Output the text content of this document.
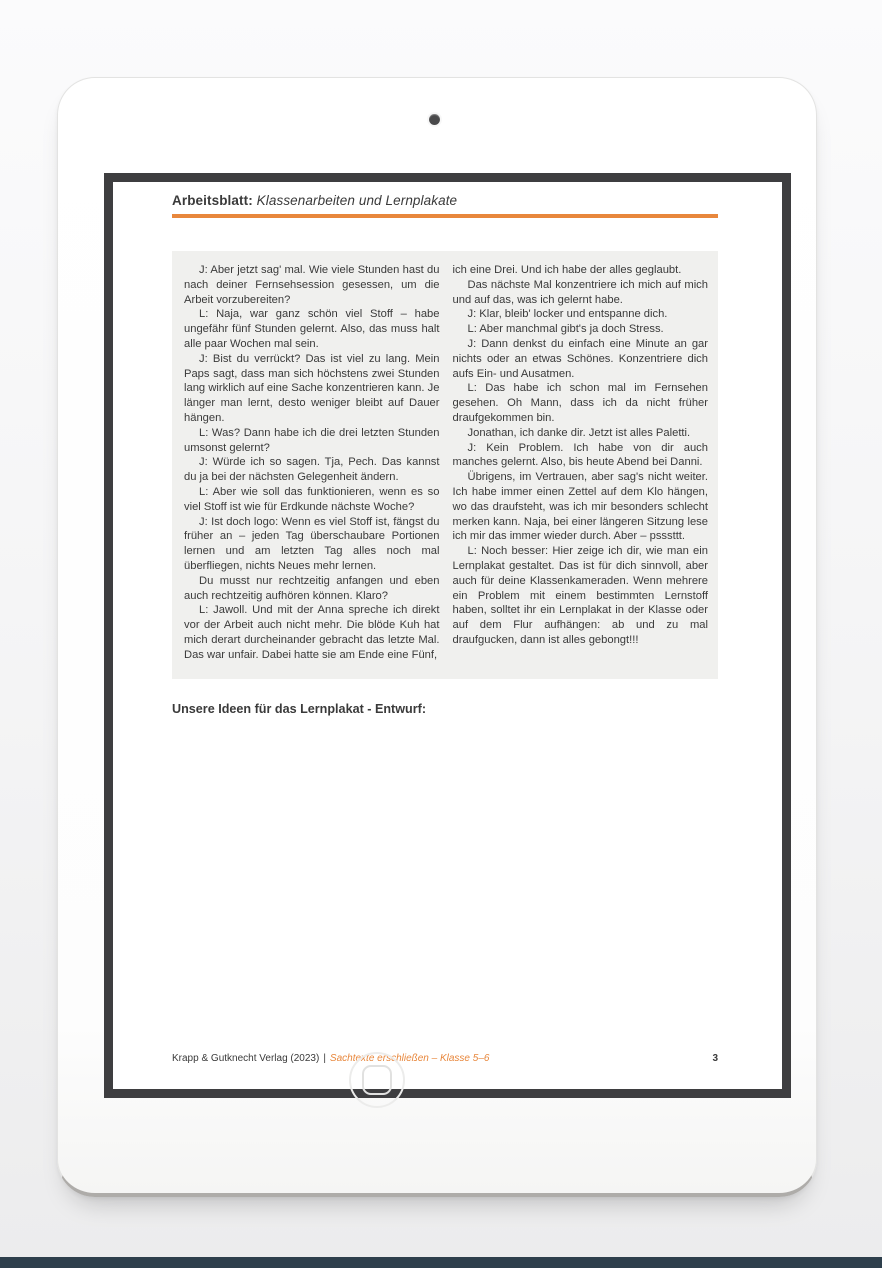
Arbeitsblatt: Klassenarbeiten und Lernplakate

J: Aber jetzt sag' mal. Wie viele Stunden hast du nach deiner Fernsehsession gesessen, um die Arbeit vorzubereiten?

L: Naja, war ganz schön viel Stoff – habe ungefähr fünf Stunden gelernt. Also, das muss halt alle paar Wochen mal sein.

J: Bist du verrückt? Das ist viel zu lang. Mein Paps sagt, dass man sich höchstens zwei Stunden lang wirklich auf eine Sache konzentrieren kann. Je länger man lernt, desto weniger bleibt auf Dauer hängen.

L: Was? Dann habe ich die drei letzten Stunden umsonst gelernt?

J: Würde ich so sagen. Tja, Pech. Das kannst du ja bei der nächsten Gelegenheit ändern.

L: Aber wie soll das funktionieren, wenn es so viel Stoff ist wie für Erdkunde nächste Woche?

J: Ist doch logo: Wenn es viel Stoff ist, fängst du früher an – jeden Tag überschaubare Portionen lernen und am letzten Tag alles noch mal überfliegen, nichts Neues mehr lernen.

Du musst nur rechtzeitig anfangen und eben auch rechtzeitig aufhören können. Klaro?

L: Jawoll. Und mit der Anna spreche ich direkt vor der Arbeit auch nicht mehr. Die blöde Kuh hat mich derart durcheinander gebracht das letzte Mal. Das war unfair. Dabei hatte sie am Ende eine Fünf,

ich eine Drei. Und ich habe der alles geglaubt.

Das nächste Mal konzentriere ich mich auf mich und auf das, was ich gelernt habe.

J: Klar, bleib' locker und entspanne dich.

L: Aber manchmal gibt's ja doch Stress.

J: Dann denkst du einfach eine Minute an gar nichts oder an etwas Schönes. Konzentriere dich aufs Ein- und Ausatmen.

L: Das habe ich schon mal im Fernsehen gesehen. Oh Mann, dass ich da nicht früher draufgekommen bin.

Jonathan, ich danke dir. Jetzt ist alles Paletti.

J: Kein Problem. Ich habe von dir auch manches gelernt. Also, bis heute Abend bei Danni.

Übrigens, im Vertrauen, aber sag's nicht weiter. Ich habe immer einen Zettel auf dem Klo hängen, wo das draufsteht, was ich mir besonders schlecht merken kann. Naja, bei einer längeren Sitzung lese ich mir das immer wieder durch. Aber – psssttt.

L: Noch besser: Hier zeige ich dir, wie man ein Lernplakat gestaltet. Das ist für dich sinnvoll, aber auch für deine Klassenkameraden. Wenn mehrere ein Problem mit einem bestimmten Lernstoff haben, solltet ihr ein Lernplakat in der Klasse oder auf dem Flur aufhängen: ab und zu mal draufgucken, dann ist alles gebongt!!!

Unsere Ideen für das Lernplakat - Entwurf:
Krapp & Gutknecht Verlag (2023) | Sachtexte erschließen – Klasse 5–6	3
